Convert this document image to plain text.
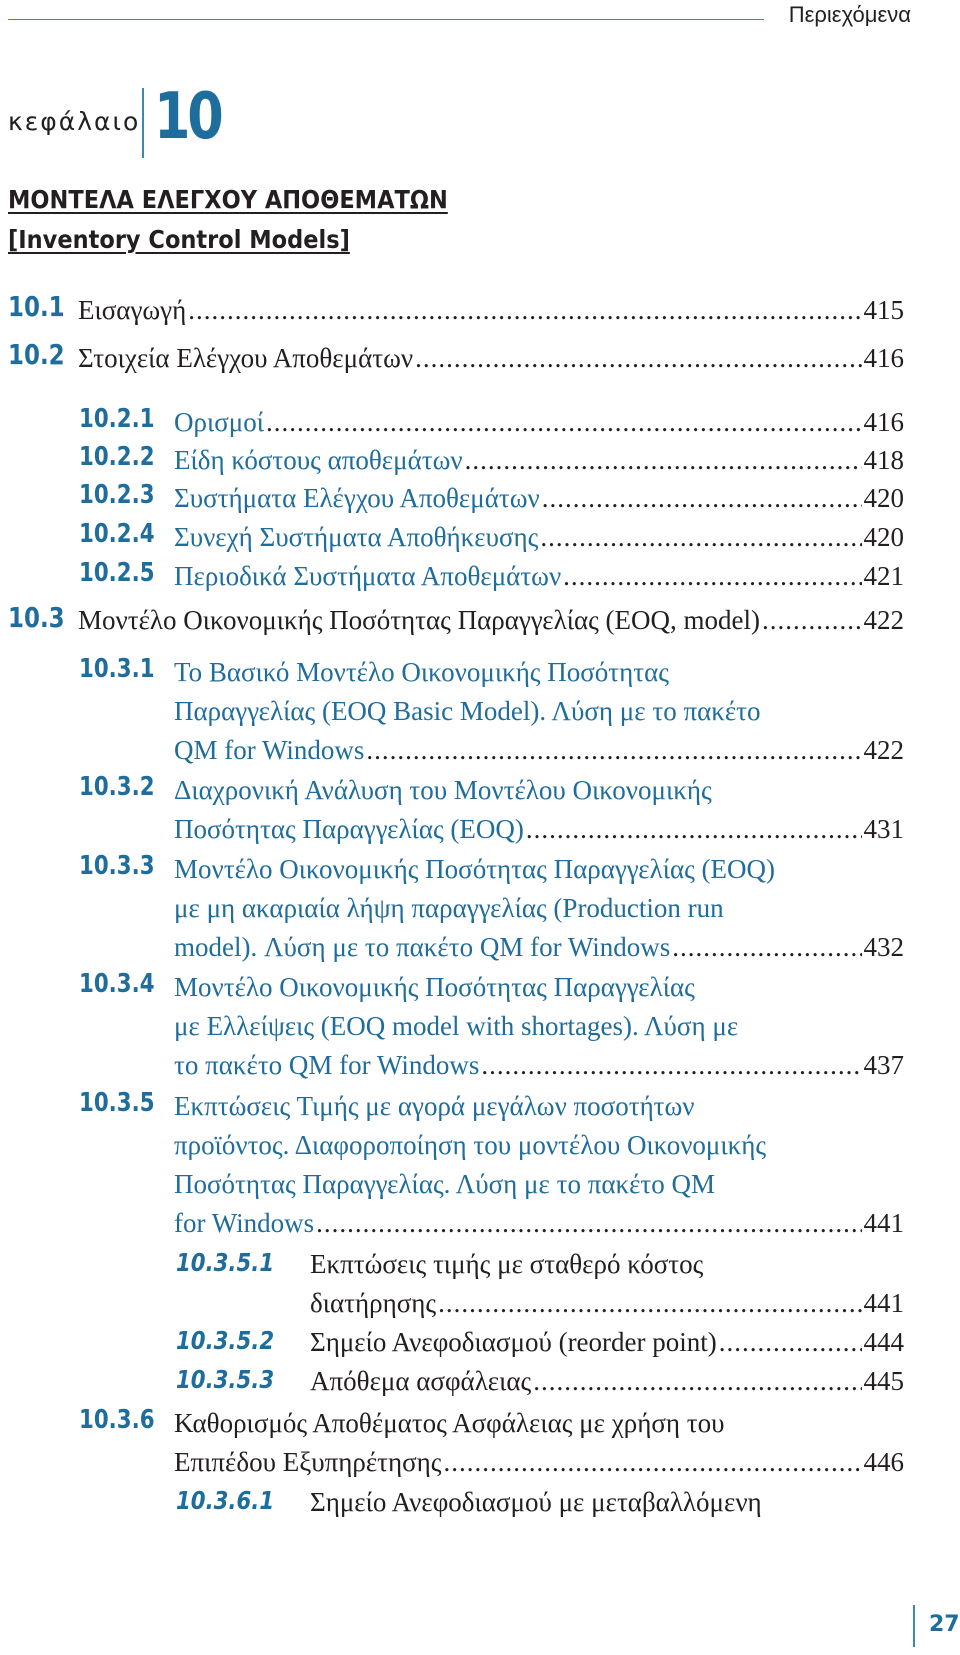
Περιεχόμενα
κεφάλαιο 10
ΜΟΝΤΕΛΑ ΕΛΕΓΧΟΥ ΑΠΟΘΕΜΑΤΩΝ
[Inventory Control Models]
10.1 Εισαγωγή .....	415
10.2 Στοιχεία Ελέγχου Αποθεμάτων .....	416
10.2.1 Ορισμοί .....	416
10.2.2 Είδη κόστους αποθεμάτων .....	418
10.2.3 Συστήματα Ελέγχου Αποθεμάτων .....	420
10.2.4 Συνεχή Συστήματα Αποθήκευσης .....	420
10.2.5 Περιοδικά Συστήματα Αποθεμάτων .....	421
10.3 Μοντέλο Οικονομικής Ποσότητας Παραγγελίας (EOQ, model) .....	422
10.3.1 Το Βασικό Μοντέλο Οικονομικής Ποσότητας
Παραγγελίας (EOQ Basic Model). Λύση με το πακέτο
QM for Windows .....	422
10.3.2 Διαχρονική Ανάλυση του Μοντέλου Οικονομικής
Ποσότητας Παραγγελίας (EOQ) .....	431
10.3.3 Μοντέλο Οικονομικής Ποσότητας Παραγγελίας (EOQ)
με μη ακαριαία λήψη παραγγελίας (Production run
model). Λύση με το πακέτο QM for Windows .....	432
10.3.4 Μοντέλο Οικονομικής Ποσότητας Παραγγελίας
με Ελλείψεις (EOQ model with shortages). Λύση με
το πακέτο QM for Windows .....	437
10.3.5 Εκπτώσεις Τιμής με αγορά μεγάλων ποσοτήτων
προϊόντος. Διαφοροποίηση του μοντέλου Οικονομικής
Ποσότητας Παραγγελίας. Λύση με το πακέτο QM
for Windows .....	441
10.3.5.1 Εκπτώσεις τιμής με σταθερό κόστος
διατήρησης .....	441
10.3.5.2 Σημείο Ανεφοδιασμού (reorder point) .....	444
10.3.5.3 Απόθεμα ασφάλειας .....	445
10.3.6 Καθορισμός Αποθέματος Ασφάλειας με χρήση του
Επιπέδου Εξυπηρέτησης .....	446
10.3.6.1 Σημείο Ανεφοδιασμού με μεταβαλλόμενη
27
